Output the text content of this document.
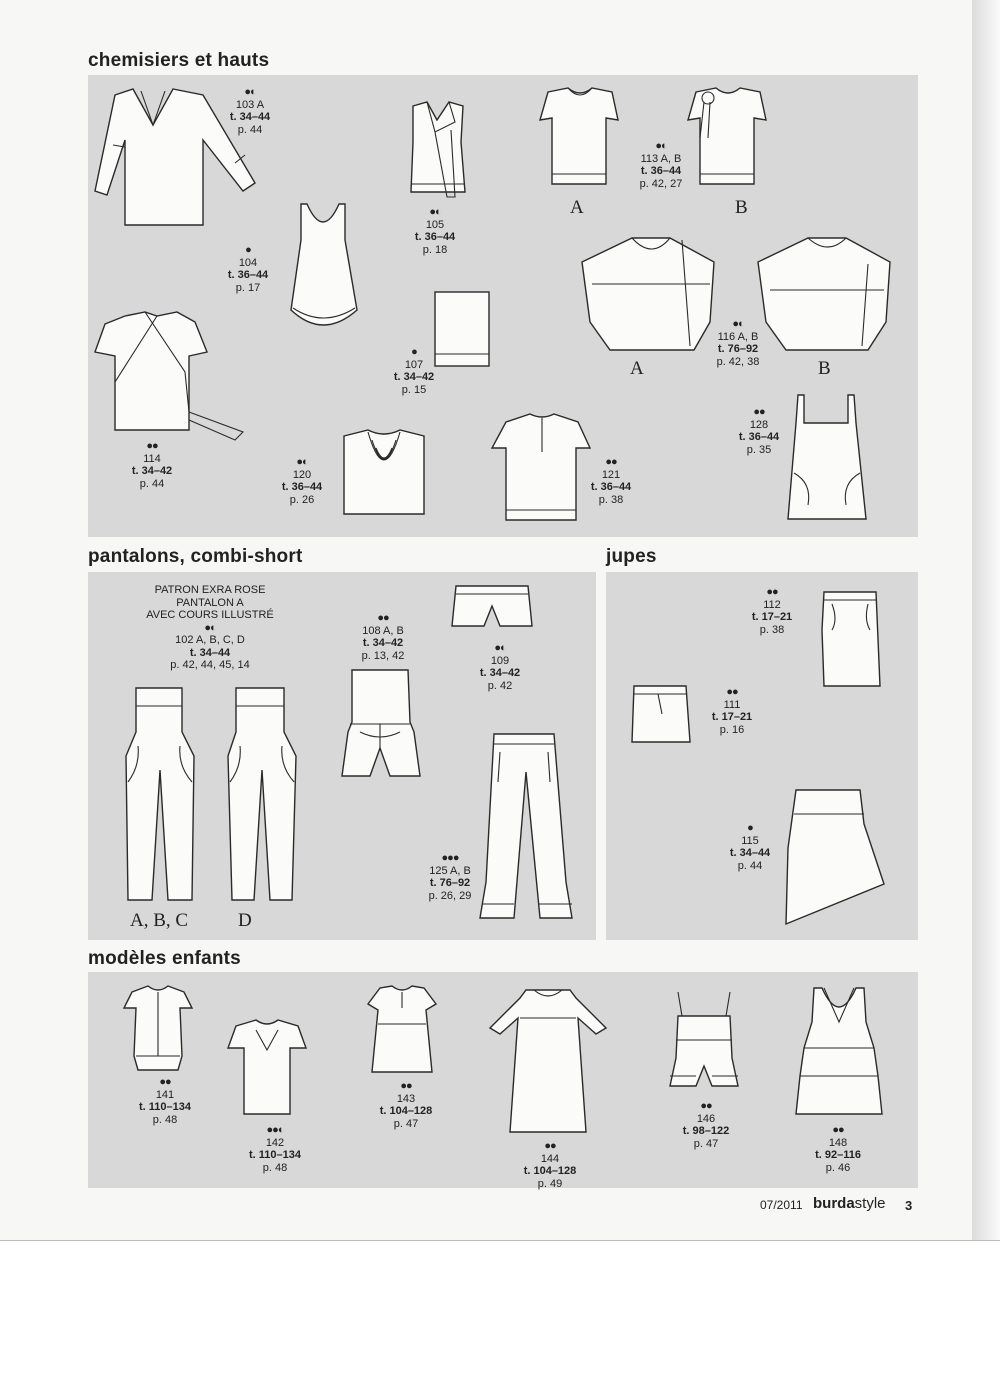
chemisiers et hauts
pantalons, combi-short	jupes
modèles enfants
A	B
A	B
●◐
103 A
t. 34–44
p. 44
●◐
105
t. 36–44
p. 18
●◐
113 A, B
t. 36–44
p. 42, 27
●
104
t. 36–44
p. 17
●
107
t. 34–42
p. 15
●◐
116 A, B
t. 76–92
p. 42, 38
●●
114
t. 34–42
p. 44
●◐
120
t. 36–44
p. 26
●●
121
t. 36–44
p. 38
●●
128
t. 36–44
p. 35
A, B, C	D
PATRON EXRA ROSE
PANTALON A
AVEC COURS ILLUSTRÉ
●◐
102 A, B, C, D
t. 34–44
p. 42, 44, 45, 14
●●
108 A, B
t. 34–42
p. 13, 42
●◐
109
t. 34–42
p. 42
●●●
125 A, B
t. 76–92
p. 26, 29
●●
112
t. 17–21
p. 38
●●
111
t. 17–21
p. 16
●
115
t. 34–44
p. 44
●●
141
t. 110–134
p. 48
●●◐
142
t. 110–134
p. 48
●●
143
t. 104–128
p. 47
●●
144
t. 104–128
p. 49
●●
146
t. 98–122
p. 47
●●
148
t. 92–116
p. 46
07/2011 burdastyle 3
